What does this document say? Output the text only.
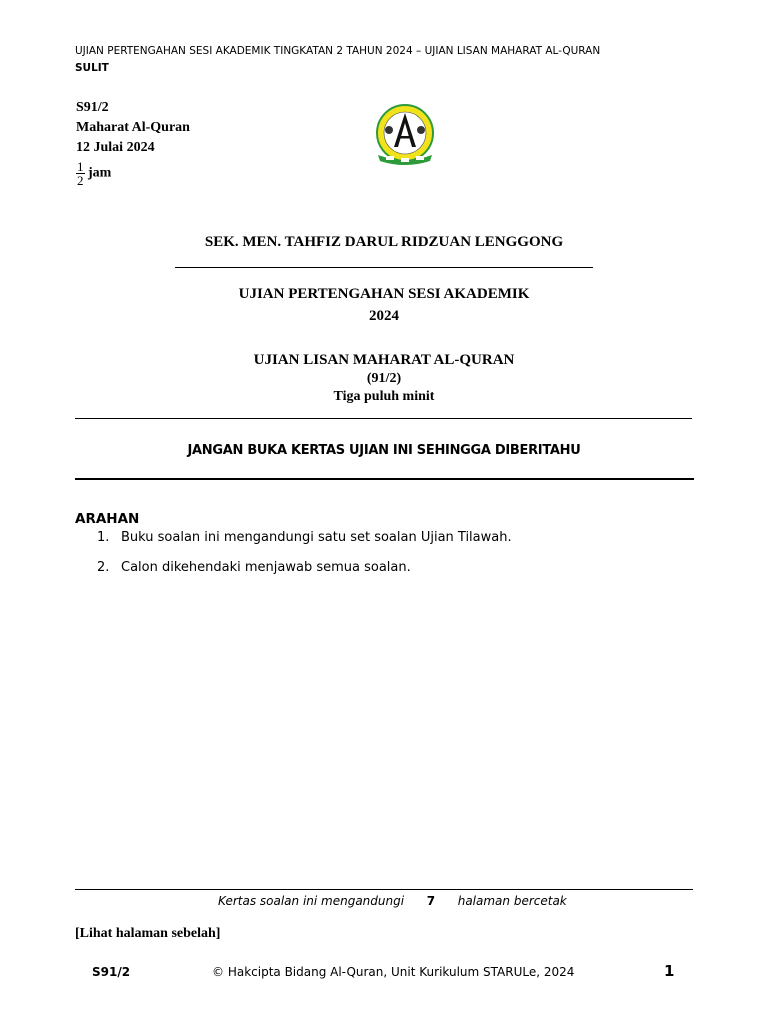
UJIAN PERTENGAHAN SESI AKADEMIK TINGKATAN 2 TAHUN 2024 – UJIAN LISAN MAHARAT AL-QURAN
SULIT
S91/2
Maharat Al-Quran
12 Julai 2024
$\frac{1}{2}$ jam
SEK. MEN. TAHFIZ DARUL RIDZUAN LENGGONG
UJIAN PERTENGAHAN SESI AKADEMIK
2024
UJIAN LISAN MAHARAT AL-QURAN
(91/2)
Tiga puluh minit
JANGAN BUKA KERTAS UJIAN INI SEHINGGA DIBERITAHU
ARAHAN
1. Buku soalan ini mengandungi satu set soalan Ujian Tilawah.
2. Calon dikehendaki menjawab semua soalan.
Kertas soalan ini mengandungi 7 halaman bercetak
[Lihat halaman sebelah]
S91/2	© Hakcipta Bidang Al-Quran, Unit Kurikulum STARULe, 2024	1
